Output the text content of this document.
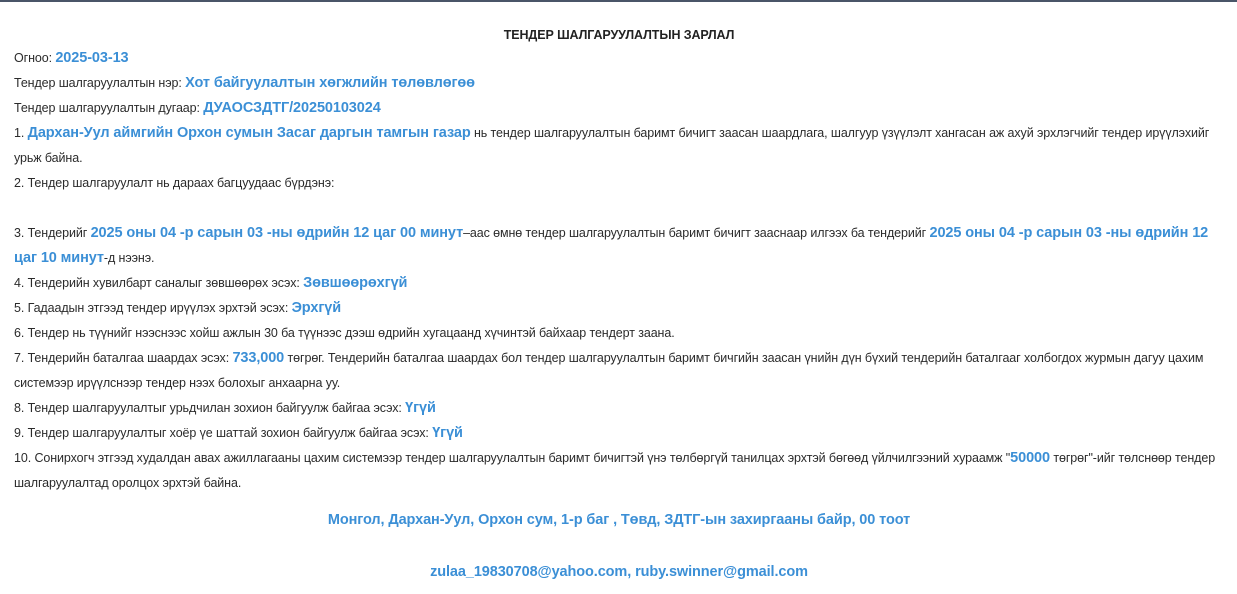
ТЕНДЕР ШАЛГАРУУЛАЛТЫН ЗАРЛАЛ
Огноо: 2025-03-13
Тендер шалгаруулалтын нэр: Хот байгуулалтын хөгжлийн төлөвлөгөө
Тендер шалгаруулалтын дугаар: ДУАОСЗДТГ/20250103024
1. Дархан-Уул аймгийн Орхон сумын Засаг даргын тамгын газар нь тендер шалгаруулалтын баримт бичигт заасан шаардлага, шалгуур үзүүлэлт хангасан аж ахуй эрхлэгчийг тендер ирүүлэхийг урьж байна.
2. Тендер шалгаруулалт нь дараах багцуудаас бүрдэнэ:
3. Тендерийг 2025 оны 04 -р сарын 03 -ны өдрийн 12 цаг 00 минут–аас өмнө тендер шалгаруулалтын баримт бичигт зааснаар илгээх ба тендерийг 2025 оны 04 -р сарын 03 -ны өдрийн 12 цаг 10 минут-д нээнэ.
4. Тендерийн хувилбарт саналыг зөвшөөрөх эсэх: Зөвшөөрөхгүй
5. Гадаадын этгээд тендер ирүүлэх эрхтэй эсэх: Эрхгүй
6. Тендер нь түүнийг нээснээс хойш ажлын 30 ба түүнээс дээш өдрийн хугацаанд хүчинтэй байхаар тендерт заана.
7. Тендерийн баталгаа шаардах эсэх: 733,000 төгрөг. Тендерийн баталгаа шаардах бол тендер шалгаруулалтын баримт бичгийн заасан үнийн дүн бүхий тендерийн баталгааг холбогдох журмын дагуу цахим системээр ирүүлснээр тендер нээх болохыг анхаарна уу.
8. Тендер шалгаруулалтыг урьдчилан зохион байгуулж байгаа эсэх: Үгүй
9. Тендер шалгаруулалтыг хоёр үе шаттай зохион байгуулж байгаа эсэх: Үгүй
10. Сонирхогч этгээд худалдан авах ажиллагааны цахим системээр тендер шалгаруулалтын баримт бичигтэй үнэ төлбөргүй танилцах эрхтэй бөгөөд үйлчилгээний хураамж "50000 төгрөг"-ийг төлснөөр тендер шалгаруулалтад оролцох эрхтэй байна.
Монгол, Дархан-Уул, Орхон сум, 1-р баг , Төвд, ЗДТГ-ын захиргааны байр, 00 тоот
zulaa_19830708@yahoo.com, ruby.swinner@gmail.com
